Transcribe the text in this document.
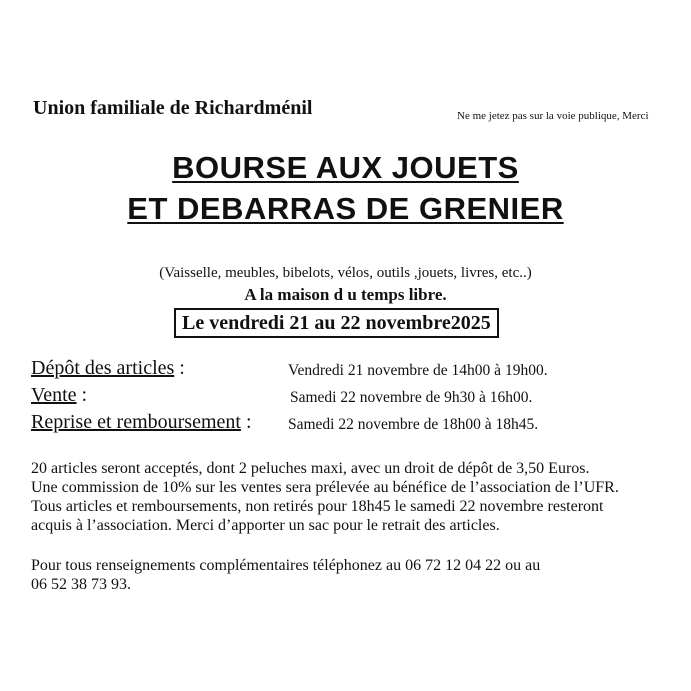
Union familiale de Richardménil	Ne me jetez pas sur la voie publique, Merci
BOURSE AUX JOUETS
ET DEBARRAS DE GRENIER
(Vaisselle, meubles, bibelots, vélos, outils ,jouets, livres, etc..)
A la maison d u temps libre.
Le vendredi 21 au 22 novembre2025
Dépôt des articles :	Vendredi 21 novembre de 14h00 à 19h00.
Vente :	Samedi 22 novembre de 9h30 à 16h00.
Reprise et remboursement : Samedi 22 novembre de 18h00 à 18h45.
20 articles seront acceptés, dont 2 peluches maxi, avec un droit de dépôt de 3,50 Euros.
Une commission de 10% sur les ventes sera prélevée au bénéfice de l’association de l’UFR.
Tous articles et remboursements, non retirés pour 18h45 le samedi 22 novembre resteront
acquis à l’association. Merci d’apporter un sac pour le retrait des articles.
Pour tous renseignements complémentaires téléphonez au 06 72 12 04 22 ou au
06 52 38 73 93.
